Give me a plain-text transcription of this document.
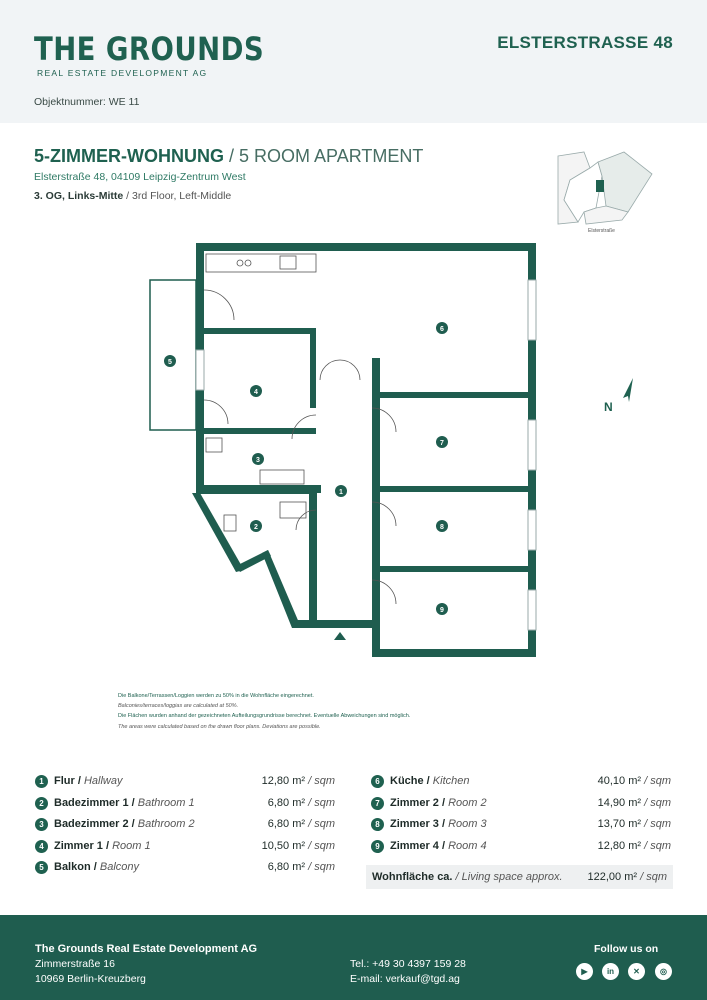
THE GROUNDS
REAL ESTATE DEVELOPMENT AG
ELSTERSTRASSE 48
Objektnummer: WE 11
5-ZIMMER-WOHNUNG / 5 ROOM APARTMENT
Elsterstraße 48, 04109 Leipzig-Zentrum West
3. OG, Links-Mitte / 3rd Floor, Left-Middle
Elsterstraße
1
2
3
4
5
6
7
8
9
N
Die Balkone/Terrassen/Loggien werden zu 50% in die Wohnfläche eingerechnet.
Balconies/terraces/loggias are calculated at 50%.
Die Flächen wurden anhand der gezeichneten Aufteilungsgrundrisse berechnet. Eventuelle Abweichungen sind möglich.
The areas were calculated based on the drawn floor plans. Deviations are possible.
1 Flur / Hallway	12,80 m² / sqm
2 Badezimmer 1 / Bathroom 1	6,80 m² / sqm
3 Badezimmer 2 / Bathroom 2	6,80 m² / sqm
4 Zimmer 1 / Room 1	10,50 m² / sqm
5 Balkon / Balcony	6,80 m² / sqm
6 Küche / Kitchen	40,10 m² / sqm
7 Zimmer 2 / Room 2	14,90 m² / sqm
8 Zimmer 3 / Room 3	13,70 m² / sqm
9 Zimmer 4 / Room 4	12,80 m² / sqm
Wohnfläche ca. / Living space approx. 122,00 m² / sqm
The Grounds Real Estate Development AG
Zimmerstraße 16
10969 Berlin-Kreuzberg
Tel.: +49 30 4397 159 28
E-mail: verkauf@tgd.ag
Follow us on
▶	in	✕	◎
